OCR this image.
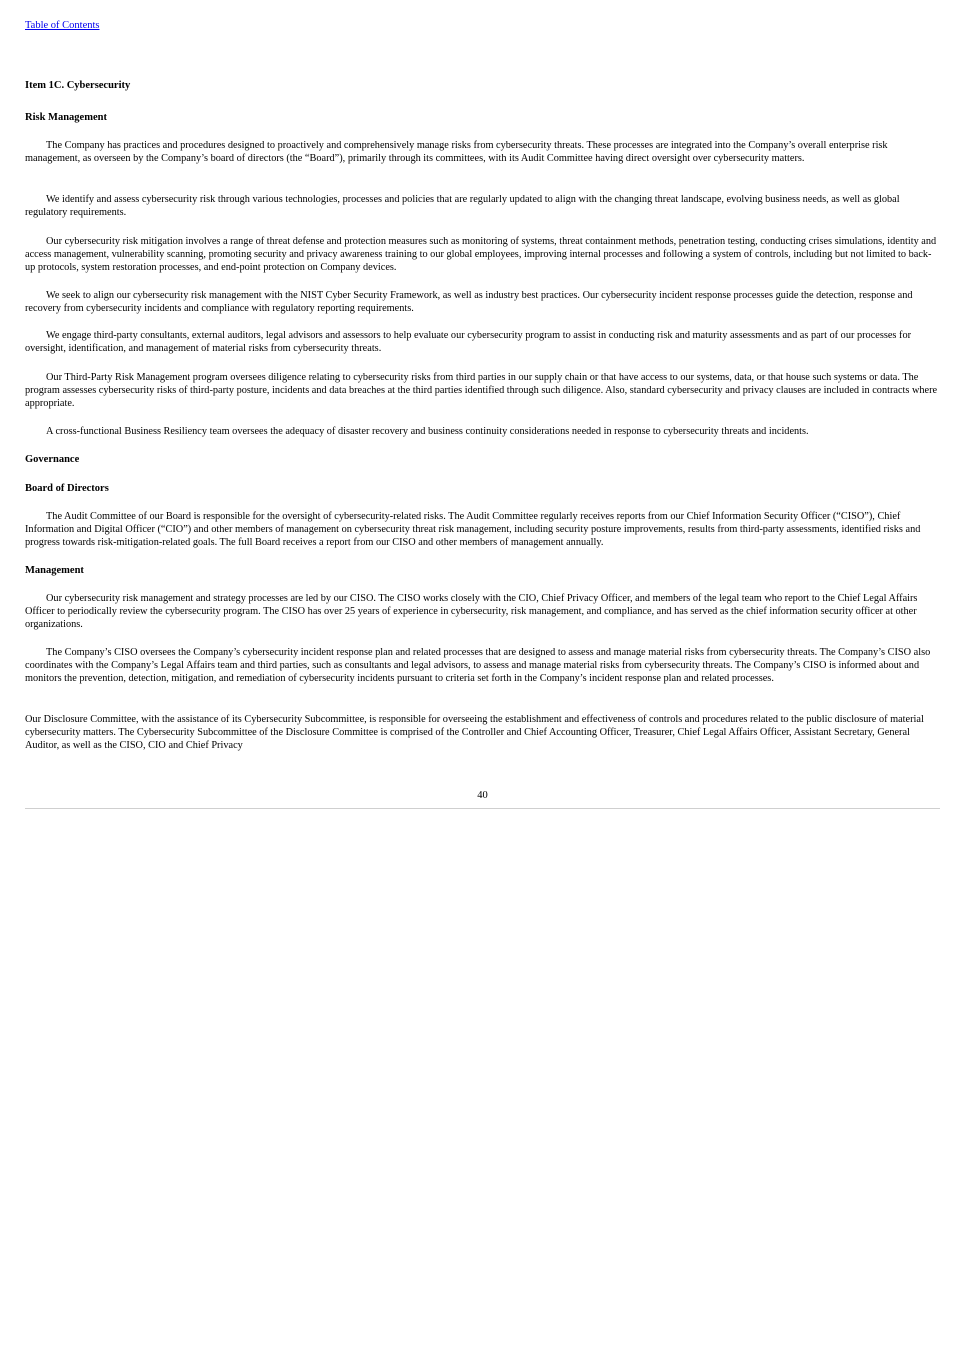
Table of Contents
Item 1C. Cybersecurity
Risk Management

The Company has practices and procedures designed to proactively and comprehensively manage risks from cybersecurity threats. These processes are integrated into the Company’s overall enterprise risk management, as overseen by the Company’s board of directors (the “Board”), primarily through its committees, with its Audit Committee having direct oversight over cybersecurity matters.

We identify and assess cybersecurity risk through various technologies, processes and policies that are regularly updated to align with the changing threat landscape, evolving business needs, as well as global regulatory requirements.

Our cybersecurity risk mitigation involves a range of threat defense and protection measures such as monitoring of systems, threat containment methods, penetration testing, conducting crises simulations, identity and access management, vulnerability scanning, promoting security and privacy awareness training to our global employees, improving internal processes and following a system of controls, including but not limited to back-up protocols, system restoration processes, and end-point protection on Company devices.

We seek to align our cybersecurity risk management with the NIST Cyber Security Framework, as well as industry best practices. Our cybersecurity incident response processes guide the detection, response and recovery from cybersecurity incidents and compliance with regulatory reporting requirements.

We engage third-party consultants, external auditors, legal advisors and assessors to help evaluate our cybersecurity program to assist in conducting risk and maturity assessments and as part of our processes for oversight, identification, and management of material risks from cybersecurity threats.

Our Third-Party Risk Management program oversees diligence relating to cybersecurity risks from third parties in our supply chain or that have access to our systems, data, or that house such systems or data. The program assesses cybersecurity risks of third-party posture, incidents and data breaches at the third parties identified through such diligence. Also, standard cybersecurity and privacy clauses are included in contracts where appropriate.

A cross-functional Business Resiliency team oversees the adequacy of disaster recovery and business continuity considerations needed in response to cybersecurity threats and incidents.

Governance
Board of Directors

The Audit Committee of our Board is responsible for the oversight of cybersecurity-related risks. The Audit Committee regularly receives reports from our Chief Information Security Officer (“CISO”), Chief Information and Digital Officer (“CIO”) and other members of management on cybersecurity threat risk management, including security posture improvements, results from third-party assessments, identified risks and progress towards risk-mitigation-related goals. The full Board receives a report from our CISO and other members of management annually.

Management

Our cybersecurity risk management and strategy processes are led by our CISO. The CISO works closely with the CIO, Chief Privacy Officer, and members of the legal team who report to the Chief Legal Affairs Officer to periodically review the cybersecurity program. The CISO has over 25 years of experience in cybersecurity, risk management, and compliance, and has served as the chief information security officer at other organizations.

The Company’s CISO oversees the Company’s cybersecurity incident response plan and related processes that are designed to assess and manage material risks from cybersecurity threats. The Company’s CISO also coordinates with the Company’s Legal Affairs team and third parties, such as consultants and legal advisors, to assess and manage material risks from cybersecurity threats. The Company’s CISO is informed about and monitors the prevention, detection, mitigation, and remediation of cybersecurity incidents pursuant to criteria set forth in the Company’s incident response plan and related processes.

Our Disclosure Committee, with the assistance of its Cybersecurity Subcommittee, is responsible for overseeing the establishment and effectiveness of controls and procedures related to the public disclosure of material cybersecurity matters. The Cybersecurity Subcommittee of the Disclosure Committee is comprised of the Controller and Chief Accounting Officer, Treasurer, Chief Legal Affairs Officer, Assistant Secretary, General Auditor, as well as the CISO, CIO and Chief Privacy

40
